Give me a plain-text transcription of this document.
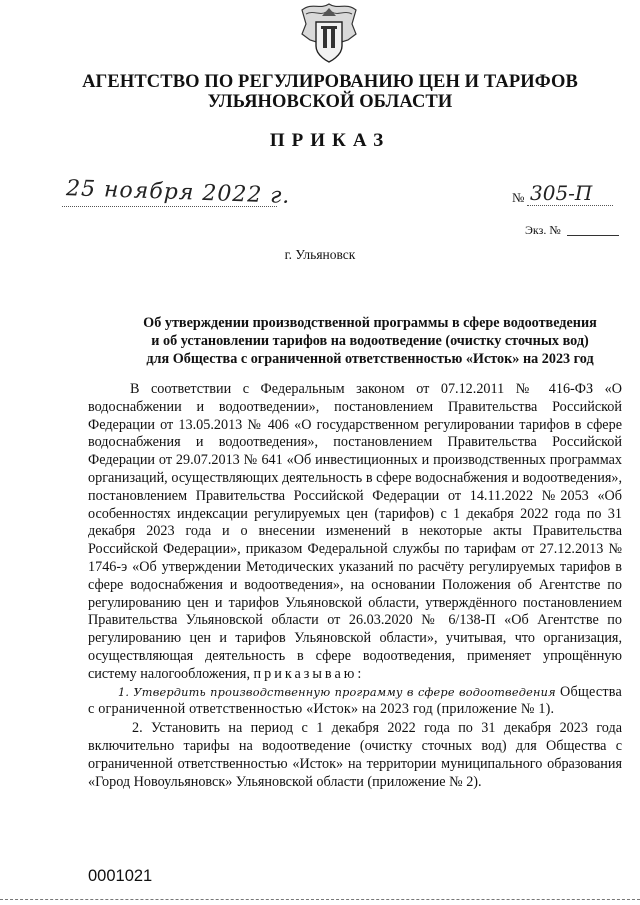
АГЕНТСТВО ПО РЕГУЛИРОВАНИЮ ЦЕН И ТАРИФОВ
УЛЬЯНОВСКОЙ ОБЛАСТИ
ПРИКАЗ
25 ноября 2022 г.	№ 305-П
Экз. №
г. Ульяновск
Об утверждении производственной программы в сфере водоотведения
и об установлении тарифов на водоотведение (очистку сточных вод)
для Общества с ограниченной ответственностью «Исток» на 2023 год

В соответствии с Федеральным законом от 07.12.2011 № 416-ФЗ «О водоснабжении и водоотведении», постановлением Правительства Российской Федерации от 13.05.2013 № 406 «О государственном регулировании тарифов в сфере водоснабжения и водоотведения», постановлением Правительства Российской Федерации от 29.07.2013 № 641 «Об инвестиционных и производственных программах организаций, осуществляющих деятельность в сфере водоснабжения и водоотведения», постановлением Правительства Российской Федерации от 14.11.2022 №2053 «Об особенностях индексации регулируемых цен (тарифов) с 1 декабря 2022 года по 31 декабря 2023 года и о внесении изменений в некоторые акты Правительства Российской Федерации», приказом Федеральной службы по тарифам от 27.12.2013 № 1746-э «Об утверждении Методических указаний по расчёту регулируемых тарифов в сфере водоснабжения и водоотведения», на основании Положения об Агентстве по регулированию цен и тарифов Ульяновской области, утверждённого постановлением Правительства Ульяновской области от 26.03.2020 № 6/138-П «Об Агентстве по регулированию цен и тарифов Ульяновской области», учитывая, что организация, осуществляющая деятельность в сфере водоотведения, применяет упрощённую систему налогообложения, приказываю:

1. Утвердить производственную программу в сфере водоотведения Общества с ограниченной ответственностью «Исток» на 2023 год (приложение № 1).

2. Установить на период с 1 декабря 2022 года по 31 декабря 2023 года включительно тарифы на водоотведение (очистку сточных вод) для Общества с ограниченной ответственностью «Исток» на территории муниципального образования «Город Новоульяновск» Ульяновской области (приложение № 2).

0001021
